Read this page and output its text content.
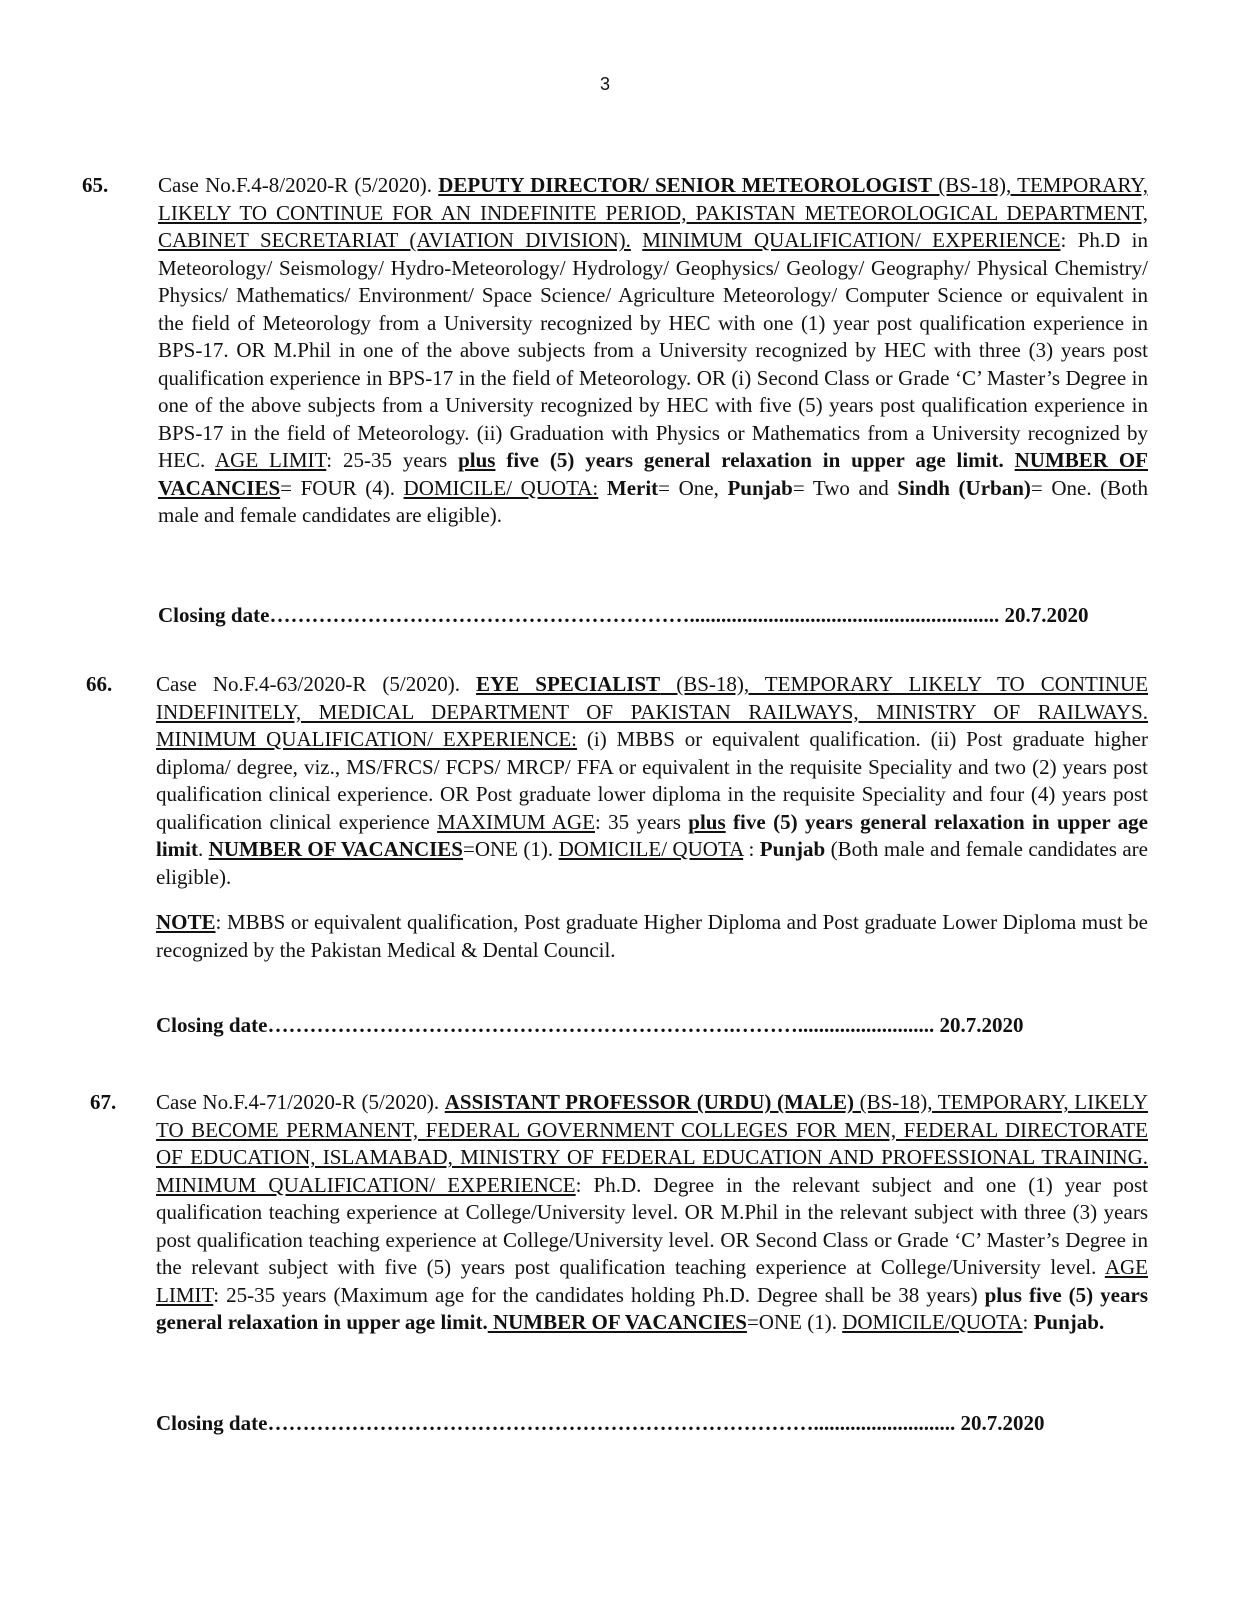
3
65. Case No.F.4-8/2020-R (5/2020). DEPUTY DIRECTOR/ SENIOR METEOROLOGIST (BS-18), TEMPORARY, LIKELY TO CONTINUE FOR AN INDEFINITE PERIOD, PAKISTAN METEOROLOGICAL DEPARTMENT, CABINET SECRETARIAT (AVIATION DIVISION). MINIMUM QUALIFICATION/ EXPERIENCE: Ph.D in Meteorology/ Seismology/ Hydro-Meteorology/ Hydrology/ Geophysics/ Geology/ Geography/ Physical Chemistry/ Physics/ Mathematics/ Environment/ Space Science/ Agriculture Meteorology/ Computer Science or equivalent in the field of Meteorology from a University recognized by HEC with one (1) year post qualification experience in BPS-17. OR M.Phil in one of the above subjects from a University recognized by HEC with three (3) years post qualification experience in BPS-17 in the field of Meteorology. OR (i) Second Class or Grade ‘C’ Master’s Degree in one of the above subjects from a University recognized by HEC with five (5) years post qualification experience in BPS-17 in the field of Meteorology. (ii) Graduation with Physics or Mathematics from a University recognized by HEC. AGE LIMIT: 25-35 years plus five (5) years general relaxation in upper age limit. NUMBER OF VACANCIES= FOUR (4). DOMICILE/ QUOTA: Merit= One, Punjab= Two and Sindh (Urban)= One. (Both male and female candidates are eligible).

Closing date……………………………………………………........................................................... 20.7.2020
66. Case No.F.4-63/2020-R (5/2020). EYE SPECIALIST (BS-18), TEMPORARY LIKELY TO CONTINUE INDEFINITELY, MEDICAL DEPARTMENT OF PAKISTAN RAILWAYS, MINISTRY OF RAILWAYS. MINIMUM QUALIFICATION/ EXPERIENCE: (i) MBBS or equivalent qualification. (ii) Post graduate higher diploma/ degree, viz., MS/FRCS/ FCPS/ MRCP/ FFA or equivalent in the requisite Speciality and two (2) years post qualification clinical experience. OR Post graduate lower diploma in the requisite Speciality and four (4) years post qualification clinical experience MAXIMUM AGE: 35 years plus five (5) years general relaxation in upper age limit. NUMBER OF VACANCIES=ONE (1). DOMICILE/ QUOTA : Punjab (Both male and female candidates are eligible).

NOTE: MBBS or equivalent qualification, Post graduate Higher Diploma and Post graduate Lower Diploma must be recognized by the Pakistan Medical & Dental Council.

Closing date………………………………………………………….……….......................... 20.7.2020
67. Case No.F.4-71/2020-R (5/2020). ASSISTANT PROFESSOR (URDU) (MALE) (BS-18), TEMPORARY, LIKELY TO BECOME PERMANENT, FEDERAL GOVERNMENT COLLEGES FOR MEN, FEDERAL DIRECTORATE OF EDUCATION, ISLAMABAD, MINISTRY OF FEDERAL EDUCATION AND PROFESSIONAL TRAINING. MINIMUM QUALIFICATION/ EXPERIENCE: Ph.D. Degree in the relevant subject and one (1) year post qualification teaching experience at College/University level. OR M.Phil in the relevant subject with three (3) years post qualification teaching experience at College/University level. OR Second Class or Grade ‘C’ Master’s Degree in the relevant subject with five (5) years post qualification teaching experience at College/University level. AGE LIMIT: 25-35 years (Maximum age for the candidates holding Ph.D. Degree shall be 38 years) plus five (5) years general relaxation in upper age limit. NUMBER OF VACANCIES=ONE (1). DOMICILE/QUOTA: Punjab.

Closing date……………………………………………………………………........................... 20.7.2020
